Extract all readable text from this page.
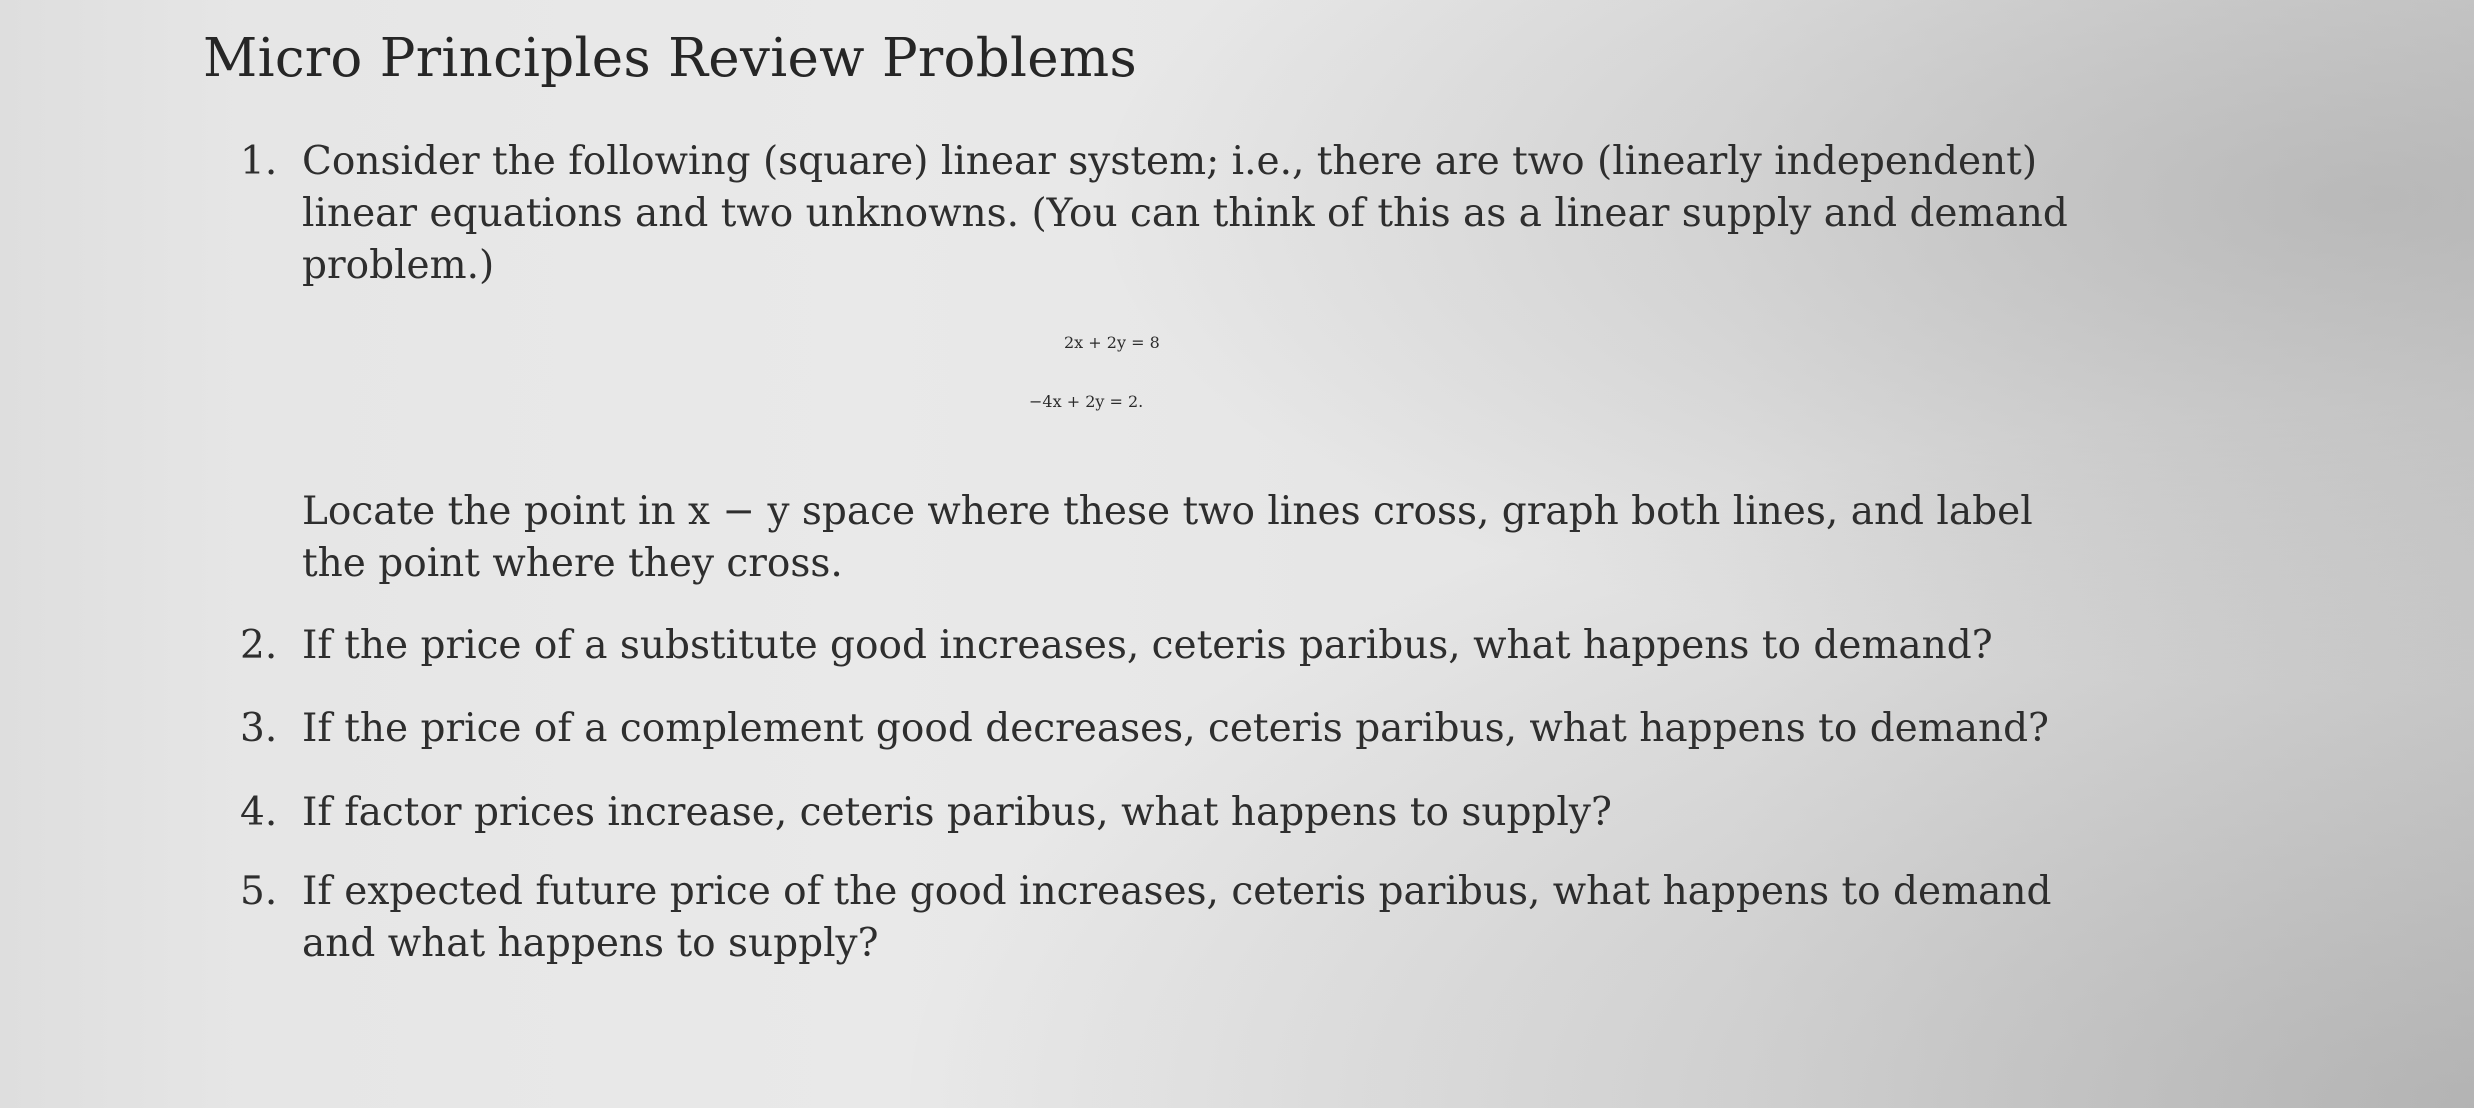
Micro Principles Review Problems
1. Consider the following (square) linear system; i.e., there are two (linearly independent)
linear equations and two unknowns. (You can think of this as a linear supply and demand
problem.)
2x + 2y = 8
−4x + 2y = 2.
Locate the point in x − y space where these two lines cross, graph both lines, and label
the point where they cross.
2. If the price of a substitute good increases, ceteris paribus, what happens to demand?
3. If the price of a complement good decreases, ceteris paribus, what happens to demand?
4. If factor prices increase, ceteris paribus, what happens to supply?
5. If expected future price of the good increases, ceteris paribus, what happens to demand
and what happens to supply?
